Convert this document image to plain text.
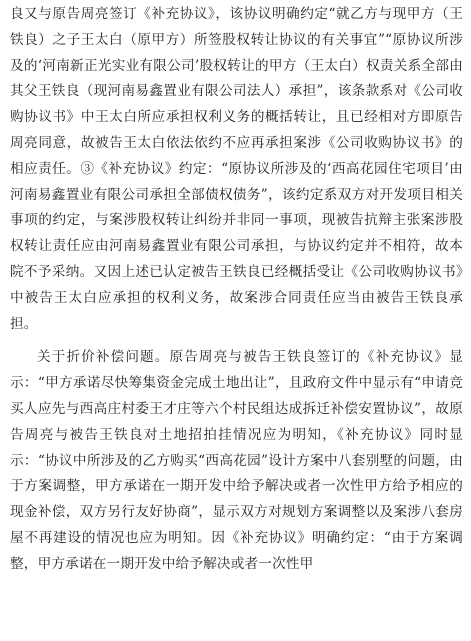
良又与原告周亮签订《补充协议》，该协议明确约定“就乙方与现甲方（王铁良）之子王太白（原甲方）所签股权转让协议的有关事宜”“原协议所涉及的‘河南新正光实业有限公司’股权转让的甲方（王太白）权责关系全部由其父王铁良（现河南易鑫置业有限公司法人）承担”，该条款系对《公司收购协议书》中王太白所应承担权利义务的概括转让，且已经相对方即原告周亮同意，故被告王太白依法依约不应再承担案涉《公司收购协议书》的相应责任。③《补充协议》约定：“原协议所涉及的‘西高花园住宅项目’由河南易鑫置业有限公司承担全部债权债务”，该约定系双方对开发项目相关事项的约定，与案涉股权转让纠纷并非同一事项，现被告抗辩主张案涉股权转让责任应由河南易鑫置业有限公司承担，与协议约定并不相符，故本院不予采纳。又因上述已认定被告王铁良已经概括受让《公司收购协议书》中被告王太白应承担的权利义务，故案涉合同责任应当由被告王铁良承担。

关于折价补偿问题。原告周亮与被告王铁良签订的《补充协议》显示：“甲方承诺尽快筹集资金完成土地出让”，且政府文件中显示有“申请竞买人应先与西高庄村委王才庄等六个村民组达成拆迁补偿安置协议”，故原告周亮与被告王铁良对土地招拍挂情况应为明知，《补充协议》同时显示：“协议中所涉及的乙方购买“西高花园”设计方案中八套别墅的问题，由于方案调整，甲方承诺在一期开发中给予解决或者一次性甲方给予相应的现金补偿，双方另行友好协商”，显示双方对规划方案调整以及案涉八套房屋不再建设的情况也应为明知。因《补充协议》明确约定：“由于方案调整，甲方承诺在一期开发中给予解决或者一次性甲
